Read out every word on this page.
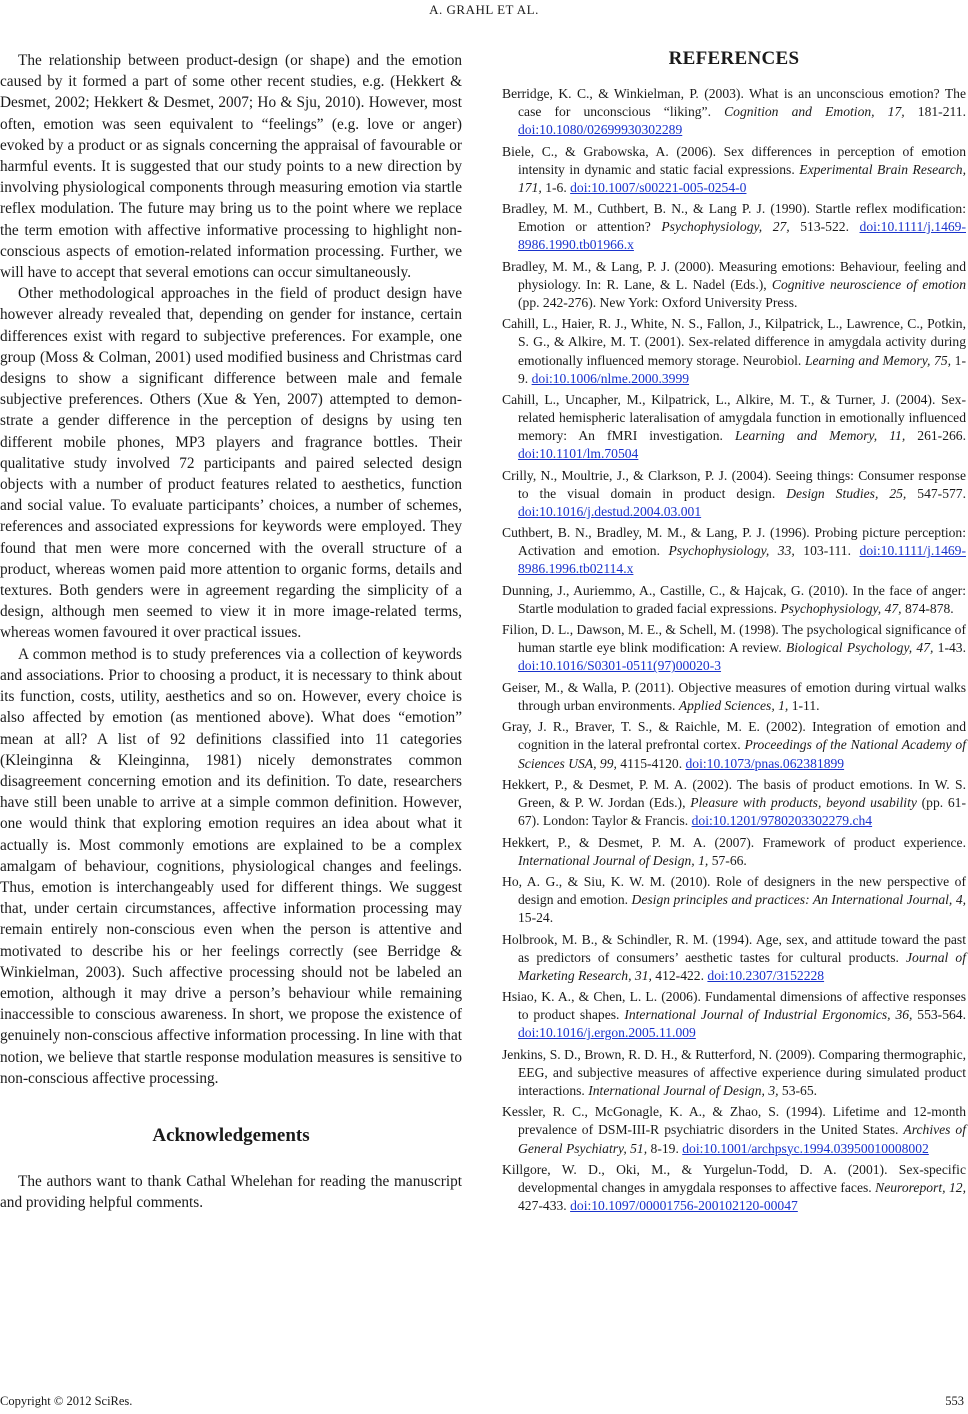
A. GRAHL ET AL.

The relationship between product-design (or shape) and the emotion caused by it formed a part of some other recent studies, e.g. (Hekkert & Desmet, 2002; Hekkert & Desmet, 2007; Ho & Sju, 2010). However, most often, emotion was seen equivalent to “feelings” (e.g. love or anger) evoked by a product or as signals concerning the appraisal of favourable or harmful events. It is suggested that our study points to a new direction by involving physiological components through measuring emotion via startle reflex modulation. The future may bring us to the point where we replace the term emotion with affective informative processing to highlight non-conscious aspects of emotion-related information processing. Further, we will have to accept that several emotions can occur simultaneously.

Other methodological approaches in the field of product design have however already revealed that, depending on gender for instance, certain differences exist with regard to subjective preferences. For example, one group (Moss & Colman, 2001) used modified business and Christmas card designs to show a significant difference between male and female subjective preferences. Others (Xue & Yen, 2007) attempted to demonstrate a gender difference in the perception of designs by using ten different mobile phones, MP3 players and fragrance bottles. Their qualitative study involved 72 participants and paired selected design objects with a number of product features related to aesthetics, function and social value. To evaluate participants’ choices, a number of schemes, references and associated expressions for keywords were employed. They found that men were more concerned with the overall structure of a product, whereas women paid more attention to organic forms, details and textures. Both genders were in agreement regarding the simplicity of a design, although men seemed to view it in more image-related terms, whereas women favoured it over practical issues.

A common method is to study preferences via a collection of keywords and associations. Prior to choosing a product, it is necessary to think about its function, costs, utility, aesthetics and so on. However, every choice is also affected by emotion (as mentioned above). What does “emotion” mean at all? A list of 92 definitions classified into 11 categories (Kleinginna & Kleinginna, 1981) nicely demonstrates common disagreement concerning emotion and its definition. To date, researchers have still been unable to arrive at a simple common definition. However, one would think that exploring emotion requires an idea about what it actually is. Most commonly emotions are explained to be a complex amalgam of behaviour, cognitions, physiological changes and feelings. Thus, emotion is interchangeably used for different things. We suggest that, under certain circumstances, affective information processing may remain entirely non-conscious even when the person is attentive and motivated to describe his or her feelings correctly (see Berridge & Winkielman, 2003). Such affective processing should not be labeled an emotion, although it may drive a person’s behaviour while remaining inaccessible to conscious awareness. In short, we propose the existence of genuinely non-conscious affective information processing. In line with that notion, we believe that startle response modulation measures is sensitive to non-conscious affective processing.

Acknowledgements

The authors want to thank Cathal Whelehan for reading the manuscript and providing helpful comments.

REFERENCES

Berridge, K. C., & Winkielman, P. (2003). What is an unconscious emotion? The case for unconscious “liking”. Cognition and Emotion, 17, 181-211. doi:10.1080/02699930302289

Biele, C., & Grabowska, A. (2006). Sex differences in perception of emotion intensity in dynamic and static facial expressions. Experimental Brain Research, 171, 1-6. doi:10.1007/s00221-005-0254-0

Bradley, M. M., Cuthbert, B. N., & Lang P. J. (1990). Startle reflex modification: Emotion or attention? Psychophysiology, 27, 513-522. doi:10.1111/j.1469-8986.1990.tb01966.x

Bradley, M. M., & Lang, P. J. (2000). Measuring emotions: Behaviour, feeling and physiology. In: R. Lane, & L. Nadel (Eds.), Cognitive neuroscience of emotion (pp. 242-276). New York: Oxford University Press.

Cahill, L., Haier, R. J., White, N. S., Fallon, J., Kilpatrick, L., Lawrence, C., Potkin, S. G., & Alkire, M. T. (2001). Sex-related difference in amygdala activity during emotionally influenced memory storage. Neurobiol. Learning and Memory, 75, 1-9. doi:10.1006/nlme.2000.3999

Cahill, L., Uncapher, M., Kilpatrick, L., Alkire, M. T., & Turner, J. (2004). Sex-related hemispheric lateralisation of amygdala function in emotionally influenced memory: An fMRI investigation. Learning and Memory, 11, 261-266. doi:10.1101/lm.70504

Crilly, N., Moultrie, J., & Clarkson, P. J. (2004). Seeing things: Consumer response to the visual domain in product design. Design Studies, 25, 547-577. doi:10.1016/j.destud.2004.03.001

Cuthbert, B. N., Bradley, M. M., & Lang, P. J. (1996). Probing picture perception: Activation and emotion. Psychophysiology, 33, 103-111. doi:10.1111/j.1469-8986.1996.tb02114.x

Dunning, J., Auriemmo, A., Castille, C., & Hajcak, G. (2010). In the face of anger: Startle modulation to graded facial expressions. Psychophysiology, 47, 874-878.

Filion, D. L., Dawson, M. E., & Schell, M. (1998). The psychological significance of human startle eye blink modification: A review. Biological Psychology, 47, 1-43. doi:10.1016/S0301-0511(97)00020-3

Geiser, M., & Walla, P. (2011). Objective measures of emotion during virtual walks through urban environments. Applied Sciences, 1, 1-11.

Gray, J. R., Braver, T. S., & Raichle, M. E. (2002). Integration of emotion and cognition in the lateral prefrontal cortex. Proceedings of the National Academy of Sciences USA, 99, 4115-4120. doi:10.1073/pnas.062381899

Hekkert, P., & Desmet, P. M. A. (2002). The basis of product emotions. In W. S. Green, & P. W. Jordan (Eds.), Pleasure with products, beyond usability (pp. 61-67). London: Taylor & Francis. doi:10.1201/9780203302279.ch4

Hekkert, P., & Desmet, P. M. A. (2007). Framework of product experience. International Journal of Design, 1, 57-66.

Ho, A. G., & Siu, K. W. M. (2010). Role of designers in the new perspective of design and emotion. Design principles and practices: An International Journal, 4, 15-24.

Holbrook, M. B., & Schindler, R. M. (1994). Age, sex, and attitude toward the past as predictors of consumers’ aesthetic tastes for cultural products. Journal of Marketing Research, 31, 412-422. doi:10.2307/3152228

Hsiao, K. A., & Chen, L. L. (2006). Fundamental dimensions of affective responses to product shapes. International Journal of Industrial Ergonomics, 36, 553-564. doi:10.1016/j.ergon.2005.11.009

Jenkins, S. D., Brown, R. D. H., & Rutterford, N. (2009). Comparing thermographic, EEG, and subjective measures of affective experience during simulated product interactions. International Journal of Design, 3, 53-65.

Kessler, R. C., McGonagle, K. A., & Zhao, S. (1994). Lifetime and 12-month prevalence of DSM-III-R psychiatric disorders in the United States. Archives of General Psychiatry, 51, 8-19. doi:10.1001/archpsyc.1994.03950010008002

Killgore, W. D., Oki, M., & Yurgelun-Todd, D. A. (2001). Sex-specific developmental changes in amygdala responses to affective faces. Neuroreport, 12, 427-433. doi:10.1097/00001756-200102120-00047

Copyright © 2012 SciRes.	553
